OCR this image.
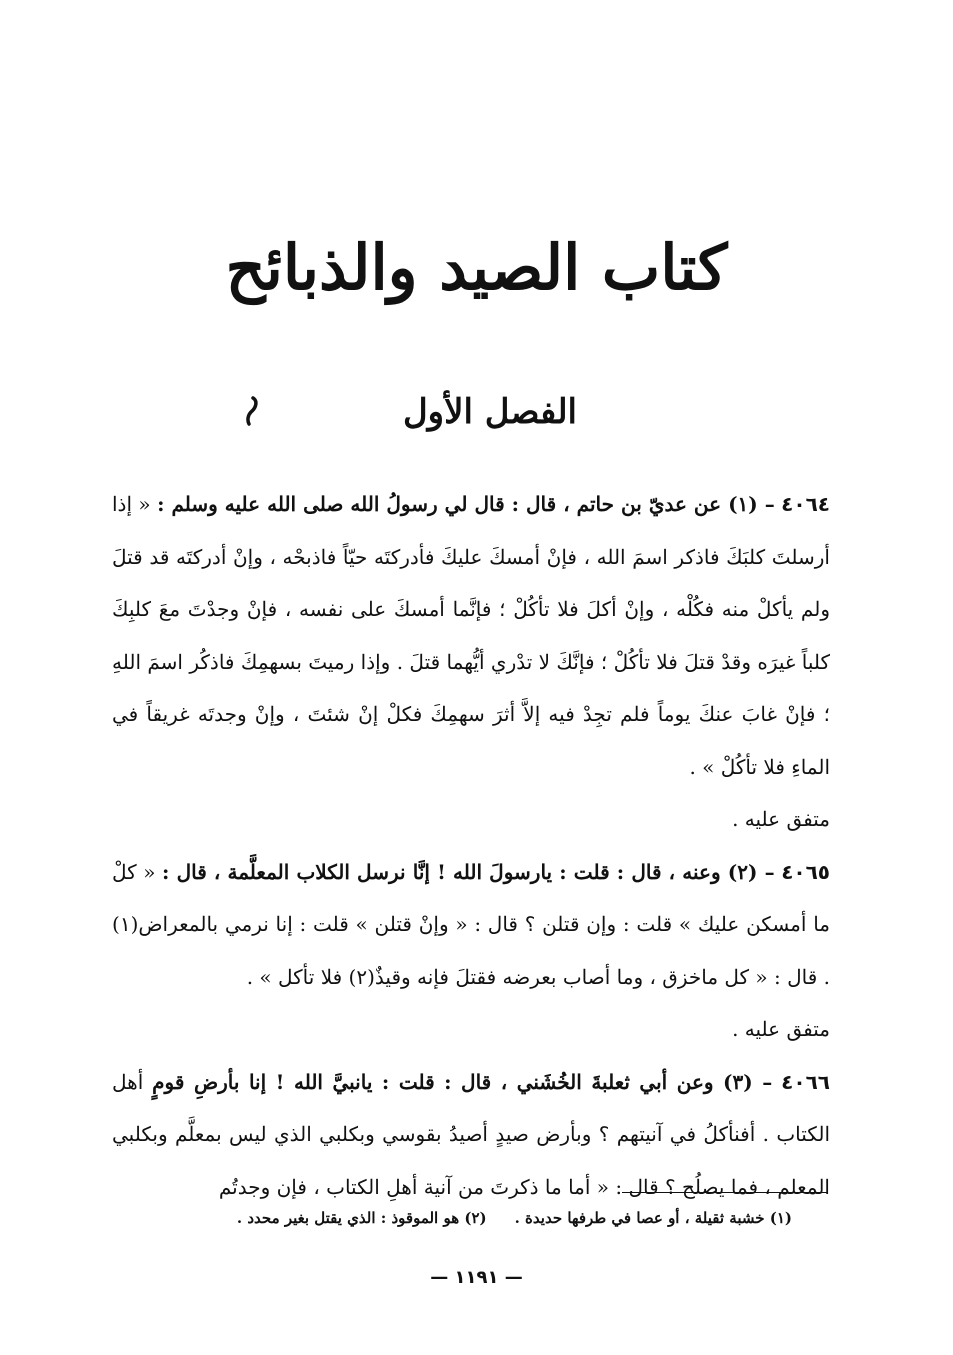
كتاب الصيد والذبائح
الفصل الأول

٤٠٦٤ – (١) عن عديّ بن حاتم ، قال : قال لي رسولُ الله صلى الله عليه وسلم : « إذا أرسلتَ كلبَكَ فاذكر اسمَ الله ، فإنْ أمسكَ عليكَ فأدركتَه حيّاً فاذبحْه ، وإنْ أدركتَه قد قتلَ ولم يأكلْ منه فكُلْه ، وإنْ أكلَ فلا تأكُلْ ؛ فإنَّما أمسكَ على نفسه ، فإنْ وجدْتَ معَ كلبِكَ كلباً غيرَه وقدْ قتلَ فلا تأكُلْ ؛ فإنَّكَ لا تدْري أيُّهما قتلَ . وإذا رميتَ بسهمِكَ فاذكُر اسمَ اللهِ ؛ فإنْ غابَ عنكَ يوماً فلم تجِدْ فيه إلاَّ أثرَ سهمِكَ فكلْ إنْ شئتَ ، وإنْ وجدتَه غريقاً في الماءِ فلا تأكُلْ » .

متفق عليه .

٤٠٦٥ – (٢) وعنه ، قال : قلت : يارسولَ الله ! إنَّا نرسل الكلاب المعلَّمة ، قال : « كلْ ما أمسكن عليك » قلت : وإن قتلن ؟ قال : « وإنْ قتلن » قلت : إنا نرمي بالمعراض(١) . قال : « كل ماخزق ، وما أصاب بعرضه فقتلَ فإنه وقيذٌ(٢) فلا تأكل » .

متفق عليه .

٤٠٦٦ – (٣) وعن أبي ثعلبةَ الخُشَني ، قال : قلت : يانبيَّ الله ! إنا بأرضِ قومٍ أهل الكتاب . أفنأكلُ في آنيتهم ؟ وبأرض صيدٍ أصيدُ بقوسي وبكلبي الذي ليس بمعلَّم وبكلبي المعلم ، فما يصلُح ؟ قال : « أما ما ذكرتَ من آنية أهلِ الكتاب ، فإن وجدتُم

(١) خشبة ثقيلة ، أو عصا في طرفها حديدة .(٢) هو الموقوذ : الذي يقتل بغير محدد .
— ١١٩١ —
